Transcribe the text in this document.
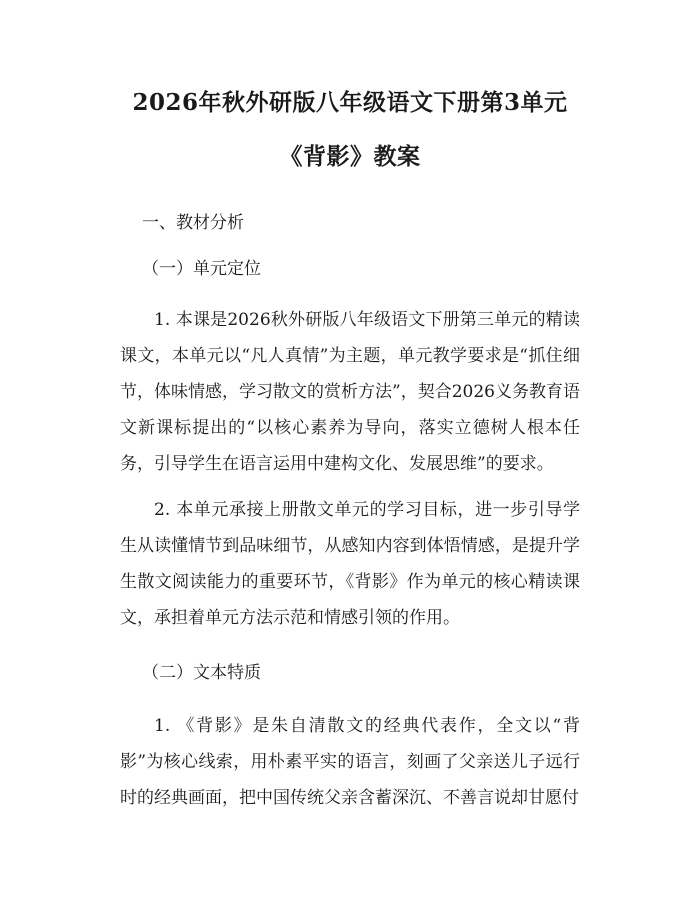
2026年秋外研版八年级语文下册第3单元
《背影》教案

一、教材分析

（一）单元定位

1. 本课是2026秋外研版八年级语文下册第三单元的精读课文，本单元以“凡人真情”为主题，单元教学要求是“抓住细节，体味情感，学习散文的赏析方法”，契合2026义务教育语文新课标提出的“以核心素养为导向，落实立德树人根本任务，引导学生在语言运用中建构文化、发展思维”的要求。

2. 本单元承接上册散文单元的学习目标，进一步引导学生从读懂情节到品味细节，从感知内容到体悟情感，是提升学生散文阅读能力的重要环节，《背影》作为单元的核心精读课文，承担着单元方法示范和情感引领的作用。

（二）文本特质

1. 《背影》是朱自清散文的经典代表作，全文以“背影”为核心线索，用朴素平实的语言，刻画了父亲送儿子远行时的经典画面，把中国传统父亲含蓄深沉、不善言说却甘愿付
